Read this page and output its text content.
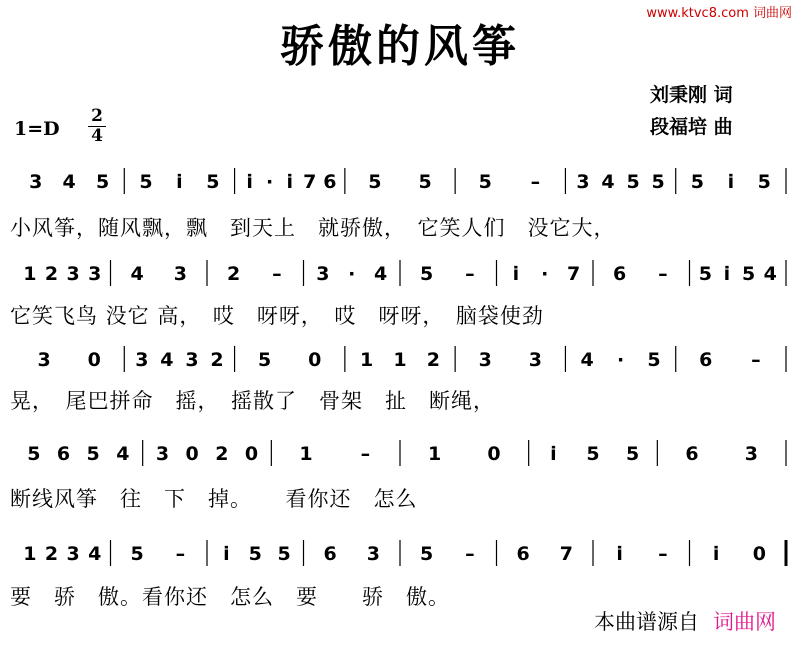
www.ktvc8.com 词曲网
骄傲的风筝
刘秉刚 词
段福培 曲
1=D
2
4
3 4 5 5 i̇ 5 i̇ · i̇ 7 6 5 5 5 – 3 4 5 5 5 i̇ 5
小风筝，随风飘，飘　到天上　就骄傲，　它笑人们　没它大，
1 2 3 3 4 3 2 – 3 · 4 5 – i̇ · 7 6 – 5 i̇ 5 4
它笑飞鸟 没它 高，　哎　呀呀，　哎　呀呀，　脑袋使劲
3 0 3 4 3 2 5 0 1 1 2 3 3 4 · 5 6 –
晃，　尾巴拼命　摇，　摇散了　骨架　扯　断绳，
5 6 5 4 3 0 2 0 1	–	1 0	i̇ 5 5 6 3
断线风筝　往　下　掉。　　看你还　怎么
1 2 3 4 5 – i̇ 5 5 6 3 5 – 6 7 i̇ – i̇ 0
要　骄　傲。看你还　怎么　要　　骄　傲。
本曲谱源自 词曲网
